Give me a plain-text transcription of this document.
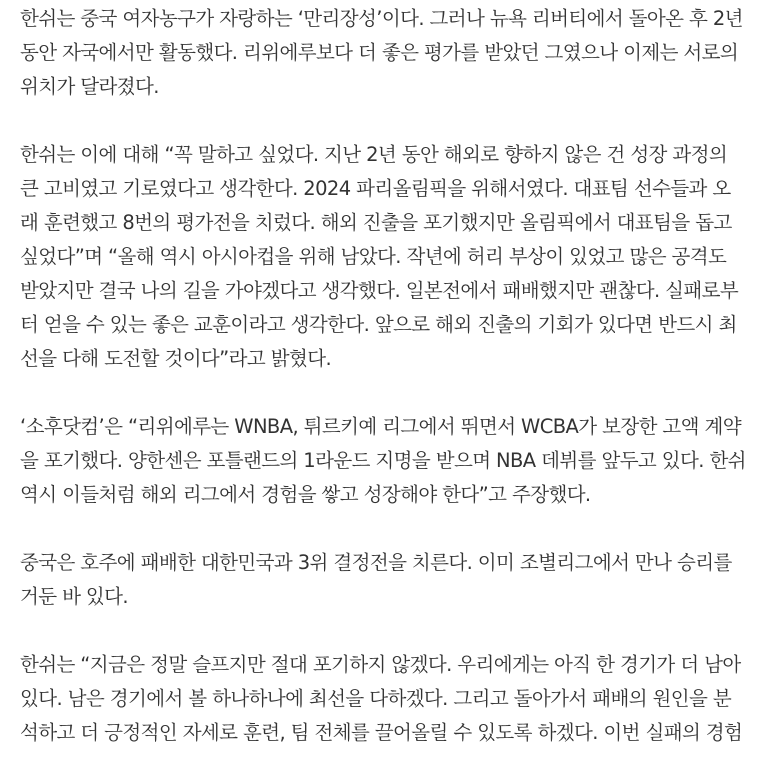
한쉬는 중국 여자농구가 자랑하는 ‘만리장성’이다. 그러나 뉴욕 리버티에서 돌아온 후 2년
동안 자국에서만 활동했다. 리위에루보다 더 좋은 평가를 받았던 그였으나 이제는 서로의
위치가 달라졌다.

한쉬는 이에 대해 “꼭 말하고 싶었다. 지난 2년 동안 해외로 향하지 않은 건 성장 과정의
큰 고비였고 기로였다고 생각한다. 2024 파리올림픽을 위해서였다. 대표팀 선수들과 오
래 훈련했고 8번의 평가전을 치렀다. 해외 진출을 포기했지만 올림픽에서 대표팀을 돕고
싶었다”며 “올해 역시 아시아컵을 위해 남았다. 작년에 허리 부상이 있었고 많은 공격도
받았지만 결국 나의 길을 가야겠다고 생각했다. 일본전에서 패배했지만 괜찮다. 실패로부
터 얻을 수 있는 좋은 교훈이라고 생각한다. 앞으로 해외 진출의 기회가 있다면 반드시 최
선을 다해 도전할 것이다”라고 밝혔다.

‘소후닷컴’은 “리위에루는 WNBA, 튀르키예 리그에서 뛰면서 WCBA가 보장한 고액 계약
을 포기했다. 양한센은 포틀랜드의 1라운드 지명을 받으며 NBA 데뷔를 앞두고 있다. 한쉬
역시 이들처럼 해외 리그에서 경험을 쌓고 성장해야 한다”고 주장했다.

중국은 호주에 패배한 대한민국과 3위 결정전을 치른다. 이미 조별리그에서 만나 승리를
거둔 바 있다.

한쉬는 “지금은 정말 슬프지만 절대 포기하지 않겠다. 우리에게는 아직 한 경기가 더 남아
있다. 남은 경기에서 볼 하나하나에 최선을 다하겠다. 그리고 돌아가서 패배의 원인을 분
석하고 더 긍정적인 자세로 훈련, 팀 전체를 끌어올릴 수 있도록 하겠다. 이번 실패의 경험
